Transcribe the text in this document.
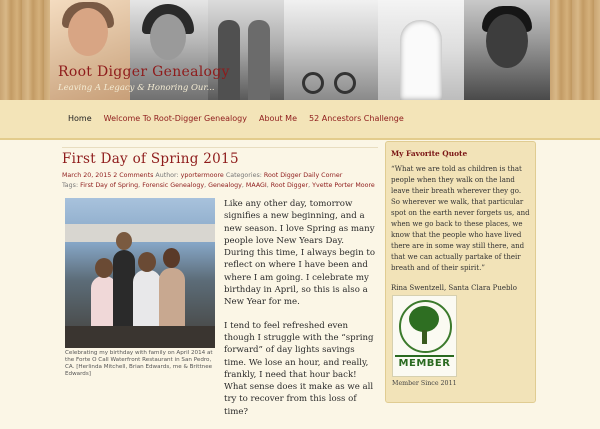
Root Digger Genealogy
Leaving A Legacy & Honoring Our...
Home	Welcome To Root-Digger Genealogy	About Me	52 Ancestors Challenge
First Day of Spring 2015
March 20, 2015 2 Comments Author: yportermoore Categories: Root Digger Daily Corner
Tags: First Day of Spring, Forensic Genealogy, Genealogy, MAAGI, Root Digger, Yvette Porter Moore
Celebrating my birthday with family on April 2014 at the Forte O Call Waterfront Restaurant in San Pedro, CA. [Herlinda Mitchell, Brian Edwards, me & Brittnee Edwards]

Like any other day, tomorrow signifies a new beginning, and a new season. I love Spring as many people love New Years Day. During this time, I always begin to reflect on where I have been and where I am going. I celebrate my birthday in April, so this is also a New Year for me.

I tend to feel refreshed even though I struggle with the “spring forward” of day lights savings time. We lose an hour, and really, frankly, I need that hour back! What sense does it make as we all try to recover from this loss of time?

My Favorite Quote
“What we are told as children is that people when they walk on the land leave their breath wherever they go. So wherever we walk, that particular spot on the earth never forgets us, and when we go back to these places, we know that the people who have lived there are in some way still there, and that we can actually partake of their breath and of their spirit.”
Rina Swentzell, Santa Clara Pueblo
MEMBER
Member Since 2011
